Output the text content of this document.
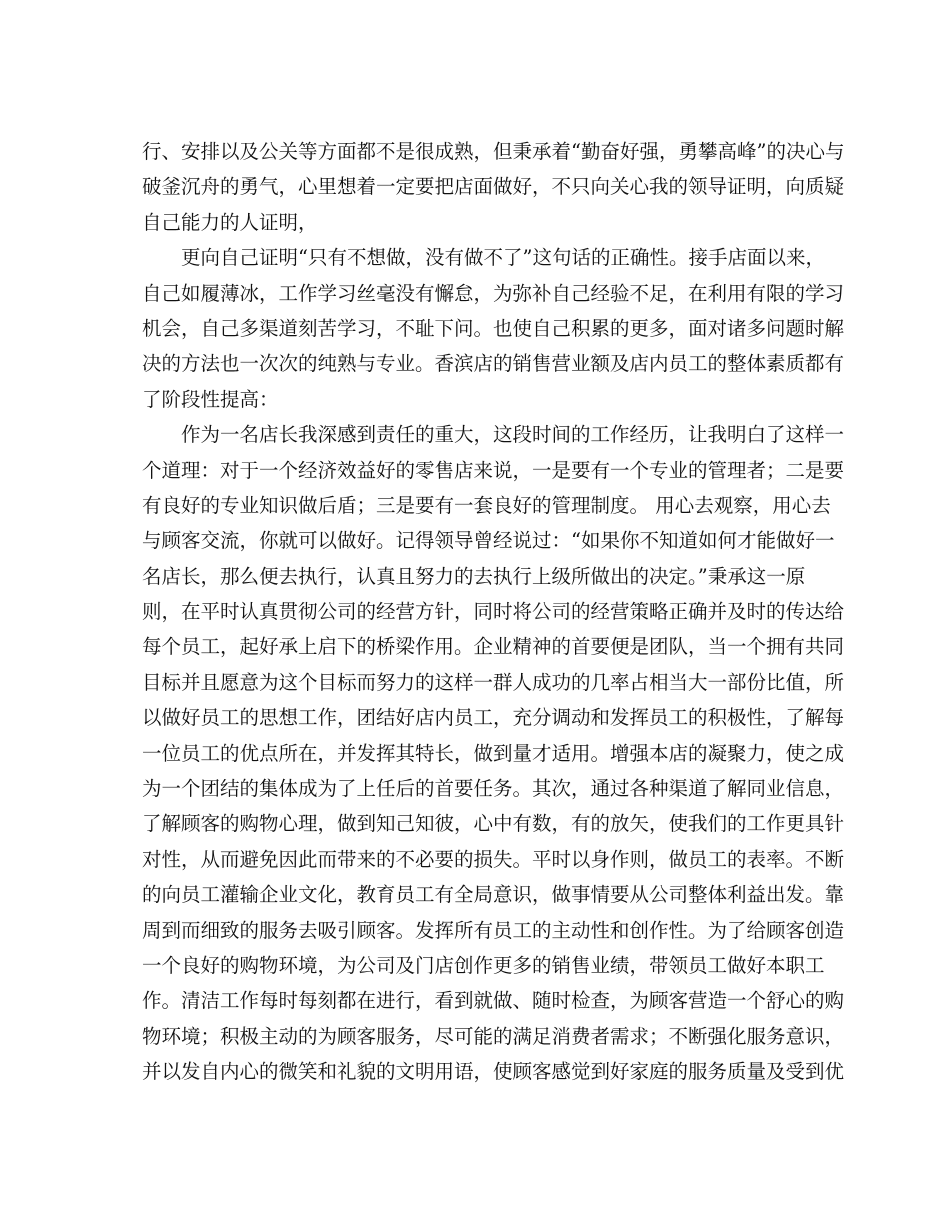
行、安排以及公关等方面都不是很成熟，但秉承着“勤奋好强，勇攀高峰”的决心与
破釜沉舟的勇气，心里想着一定要把店面做好，不只向关心我的领导证明，向质疑
自己能力的人证明，
更向自己证明“只有不想做，没有做不了”这句话的正确性。接手店面以来，
自己如履薄冰，工作学习丝毫没有懈怠，为弥补自己经验不足，在利用有限的学习
机会，自己多渠道刻苦学习，不耻下问。也使自己积累的更多，面对诸多问题时解
决的方法也一次次的纯熟与专业。香滨店的销售营业额及店内员工的整体素质都有
了阶段性提高：
作为一名店长我深感到责任的重大，这段时间的工作经历，让我明白了这样一
个道理：对于一个经济效益好的零售店来说，一是要有一个专业的管理者；二是要
有良好的专业知识做后盾；三是要有一套良好的管理制度。 用心去观察，用心去
与顾客交流，你就可以做好。记得领导曾经说过：“如果你不知道如何才能做好一
名店长，那么便去执行，认真且努力的去执行上级所做出的决定。”秉承这一原
则，在平时认真贯彻公司的经营方针，同时将公司的经营策略正确并及时的传达给
每个员工，起好承上启下的桥梁作用。企业精神的首要便是团队，当一个拥有共同
目标并且愿意为这个目标而努力的这样一群人成功的几率占相当大一部份比值，所
以做好员工的思想工作，团结好店内员工，充分调动和发挥员工的积极性，了解每
一位员工的优点所在，并发挥其特长，做到量才适用。增强本店的凝聚力，使之成
为一个团结的集体成为了上任后的首要任务。其次，通过各种渠道了解同业信息，
了解顾客的购物心理，做到知己知彼，心中有数，有的放矢，使我们的工作更具针
对性，从而避免因此而带来的不必要的损失。平时以身作则，做员工的表率。不断
的向员工灌输企业文化，教育员工有全局意识，做事情要从公司整体利益出发。靠
周到而细致的服务去吸引顾客。发挥所有员工的主动性和创作性。为了给顾客创造
一个良好的购物环境，为公司及门店创作更多的销售业绩，带领员工做好本职工
作。清洁工作每时每刻都在进行，看到就做、随时检查，为顾客营造一个舒心的购
物环境；积极主动的为顾客服务，尽可能的满足消费者需求；不断强化服务意识，
并以发自内心的微笑和礼貌的文明用语，使顾客感觉到好家庭的服务质量及受到优
